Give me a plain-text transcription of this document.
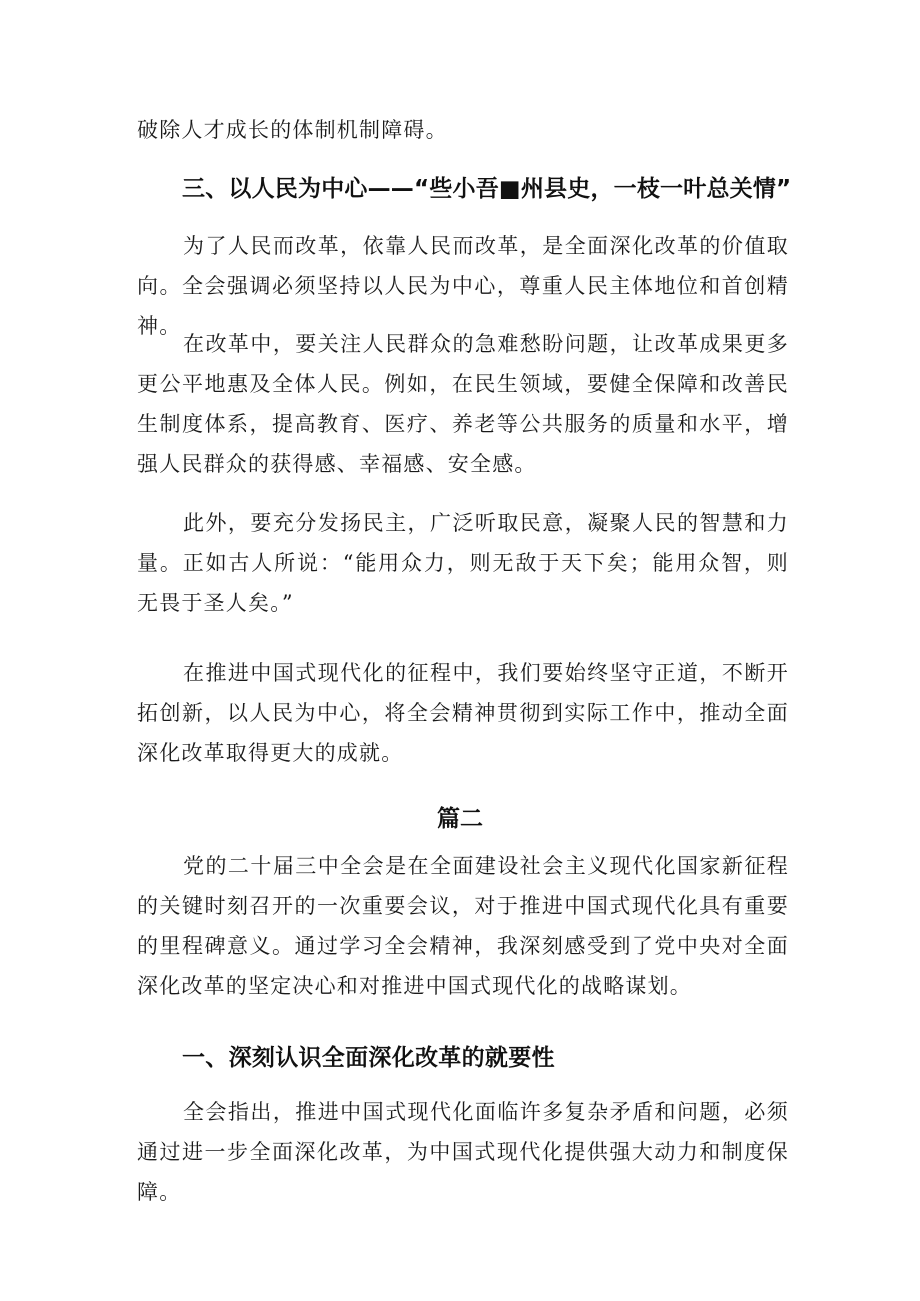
破除人才成长的体制机制障碍。

三、以人民为中心——“些小吾■州县史，一枝一叶总关情”

为了人民而改革，依靠人民而改革，是全面深化改革的价值取向。全会强调必须坚持以人民为中心，尊重人民主体地位和首创精神。

在改革中，要关注人民群众的急难愁盼问题，让改革成果更多更公平地惠及全体人民。例如，在民生领域，要健全保障和改善民生制度体系，提高教育、医疗、养老等公共服务的质量和水平，增强人民群众的获得感、幸福感、安全感。

此外，要充分发扬民主，广泛听取民意，凝聚人民的智慧和力量。正如古人所说：“能用众力，则无敌于天下矣；能用众智，则无畏于圣人矣。”

在推进中国式现代化的征程中，我们要始终坚守正道，不断开拓创新，以人民为中心，将全会精神贯彻到实际工作中，推动全面深化改革取得更大的成就。

篇二

党的二十届三中全会是在全面建设社会主义现代化国家新征程的关键时刻召开的一次重要会议，对于推进中国式现代化具有重要的里程碑意义。通过学习全会精神，我深刻感受到了党中央对全面深化改革的坚定决心和对推进中国式现代化的战略谋划。

一、深刻认识全面深化改革的就要性

全会指出，推进中国式现代化面临许多复杂矛盾和问题，必须通过进一步全面深化改革，为中国式现代化提供强大动力和制度保障。
